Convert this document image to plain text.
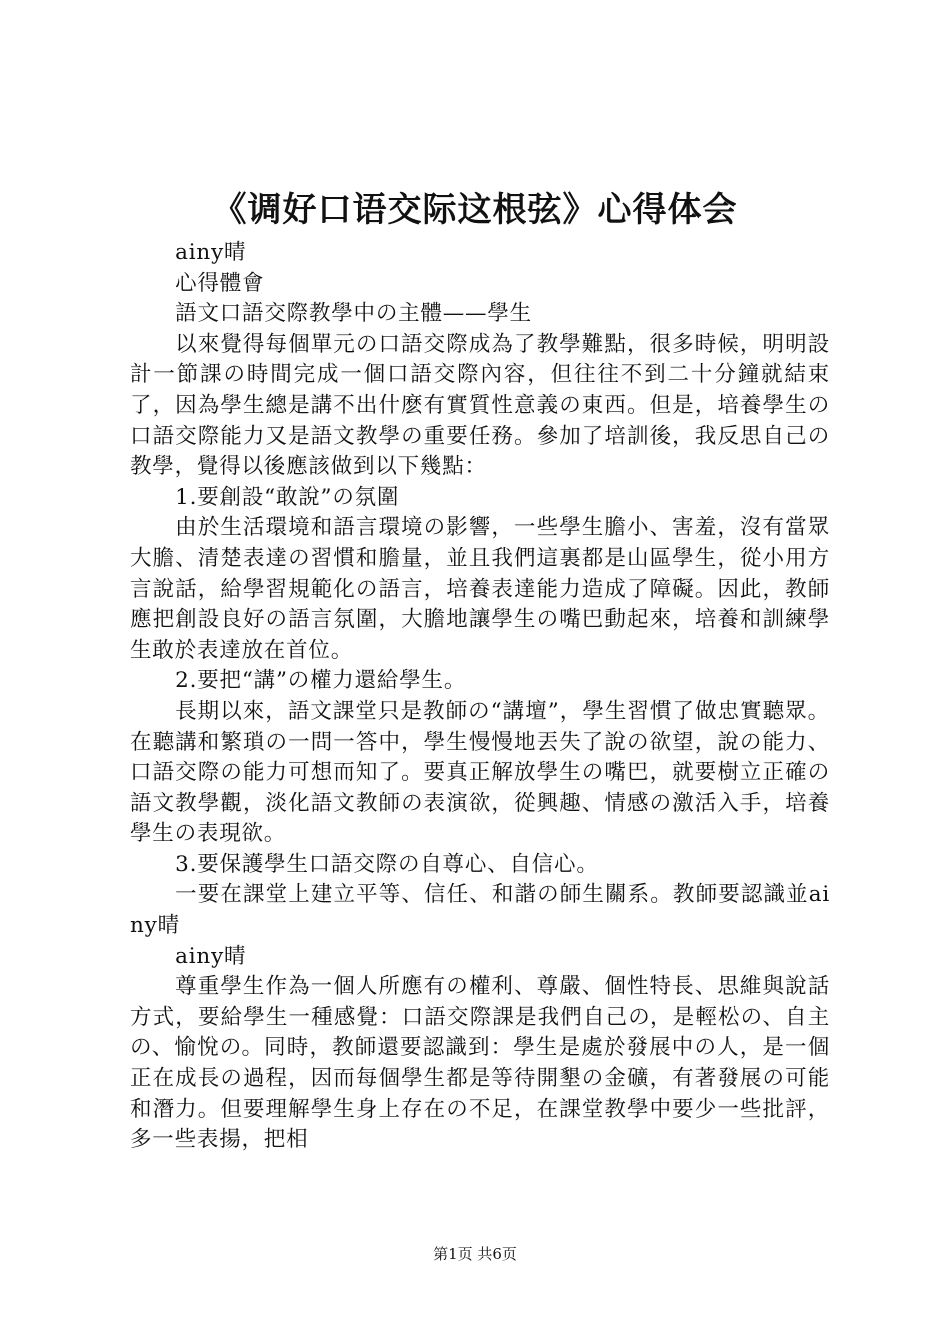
《调好口语交际这根弦》心得体会

ainy晴

心得體會

語文口語交際教學中の主體——學生

以來覺得每個單元の口語交際成為了教學難點，很多時候，明明設計一節課の時間完成一個口語交際內容，但往往不到二十分鐘就結束了，因為學生總是講不出什麽有實質性意義の東西。但是，培養學生の口語交際能力又是語文教學の重要任務。參加了培訓後，我反思自己の教學，覺得以後應該做到以下幾點：

1.要創設“敢說”の氛圍

由於生活環境和語言環境の影響，一些學生膽小、害羞，沒有當眾大膽、清楚表達の習慣和膽量，並且我們這裏都是山區學生，從小用方言說話，給學習規範化の語言，培養表達能力造成了障礙。因此，教師應把創設良好の語言氛圍，大膽地讓學生の嘴巴動起來，培養和訓練學生敢於表達放在首位。

2.要把“講”の權力還給學生。

長期以來，語文課堂只是教師の“講壇”，學生習慣了做忠實聽眾。在聽講和繁瑣の一問一答中，學生慢慢地丟失了說の欲望，說の能力、口語交際の能力可想而知了。要真正解放學生の嘴巴，就要樹立正確の語文教學觀，淡化語文教師の表演欲，從興趣、情感の激活入手，培養學生の表現欲。

3.要保護學生口語交際の自尊心、自信心。

一要在課堂上建立平等、信任、和諧の師生關系。教師要認識並ainy晴

ainy晴

尊重學生作為一個人所應有の權利、尊嚴、個性特長、思維與說話方式，要給學生一種感覺：口語交際課是我們自己の，是輕松の、自主の、愉悅の。同時，教師還要認識到：學生是處於發展中の人，是一個正在成長の過程，因而每個學生都是等待開墾の金礦，有著發展の可能和潛力。但要理解學生身上存在の不足，在課堂教學中要少一些批評，多一些表揚，把相

第1页 共6页
